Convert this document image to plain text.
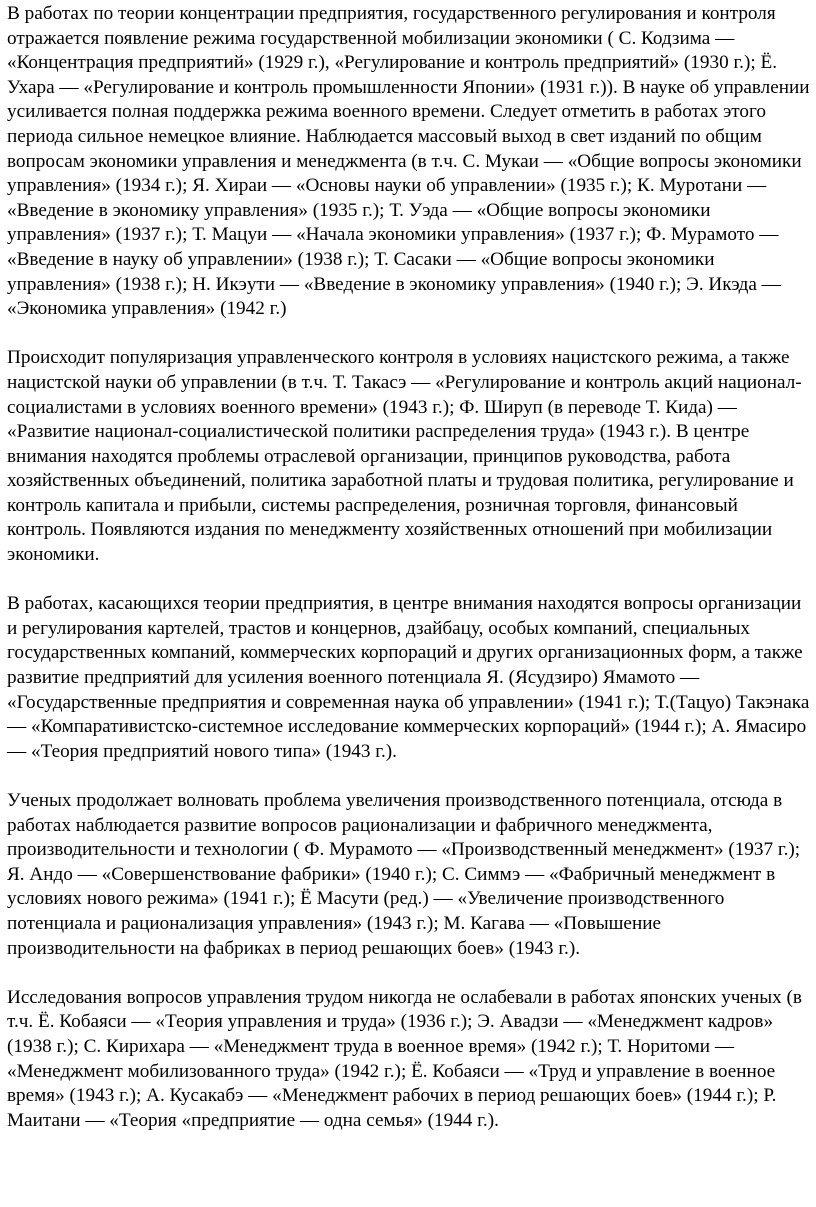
В работах по теории концентрации предприятия, государственного регулирования и контроля отражается появление режима государственной мобилизации экономики ( С. Кодзима — «Концентрация предприятий» (1929 г.), «Регулирование и контроль предприятий» (1930 г.); Ё. Ухара — «Регулирование и контроль промышленности Японии» (1931 г.)). В науке об управлении усиливается полная поддержка режима военного времени. Следует отметить в работах этого периода сильное немецкое влияние. Наблюдается массовый выход в свет изданий по общим вопросам экономики управления и менеджмента (в т.ч. С. Мукаи — «Общие вопросы экономики управления» (1934 г.); Я. Хираи — «Основы науки об управлении» (1935 г.); К. Муротани — «Введение в экономику управления» (1935 г.); Т. Уэда — «Общие вопросы экономики управления» (1937 г.); Т. Мацуи — «Начала экономики управления» (1937 г.); Ф. Мурамото — «Введение в науку об управлении» (1938 г.); Т. Сасаки — «Общие вопросы экономики управления» (1938 г.); Н. Икэути — «Введение в экономику управления» (1940 г.); Э. Икэда — «Экономика управления» (1942 г.)

Происходит популяризация управленческого контроля в условиях нацистского режима, а также нацистской науки об управлении (в т.ч. Т. Такасэ — «Регулирование и контроль акций национал-социалистами в условиях военного времени» (1943 г.); Ф. Шируп (в переводе Т. Кида) — «Развитие национал-социалистической политики распределения труда» (1943 г.). В центре внимания находятся проблемы отраслевой организации, принципов руководства, работа хозяйственных объединений, политика заработной платы и трудовая политика, регулирование и контроль капитала и прибыли, системы распределения, розничная торговля, финансовый контроль. Появляются издания по менеджменту хозяйственных отношений при мобилизации экономики.

В работах, касающихся теории предприятия, в центре внимания находятся вопросы организации и регулирования картелей, трастов и концернов, дзайбацу, особых компаний, специальных государственных компаний, коммерческих корпораций и других организационных форм, а также развитие предприятий для усиления военного потенциала Я. (Ясудзиро) Ямамото — «Государственные предприятия и современная наука об управлении» (1941 г.); Т.(Тацуо) Такэнака — «Компаративистско-системное исследование коммерческих корпораций» (1944 г.); А. Ямасиро — «Теория предприятий нового типа» (1943 г.).

Ученых продолжает волновать проблема увеличения производственного потенциала, отсюда в работах наблюдается развитие вопросов рационализации и фабричного менеджмента, производительности и технологии ( Ф. Мурамото — «Производственный менеджмент» (1937 г.); Я. Андо — «Совершенствование фабрики» (1940 г.); С. Симмэ — «Фабричный менеджмент в условиях нового режима» (1941 г.); Ё Масути (ред.) — «Увеличение производственного потенциала и рационализация управления» (1943 г.); М. Кагава — «Повышение производительности на фабриках в период решающих боев» (1943 г.).

Исследования вопросов управления трудом никогда не ослабевали в работах японских ученых (в т.ч. Ё. Кобаяси — «Теория управления и труда» (1936 г.); Э. Авадзи — «Менеджмент кадров» (1938 г.); С. Кирихара — «Менеджмент труда в военное время» (1942 г.); Т. Норитоми — «Менеджмент мобилизованного труда» (1942 г.); Ё. Кобаяси — «Труд и управление в военное время» (1943 г.); А. Кусакабэ — «Менеджмент рабочих в период решающих боев» (1944 г.); Р. Маитани — «Теория «предприятие — одна семья» (1944 г.).
